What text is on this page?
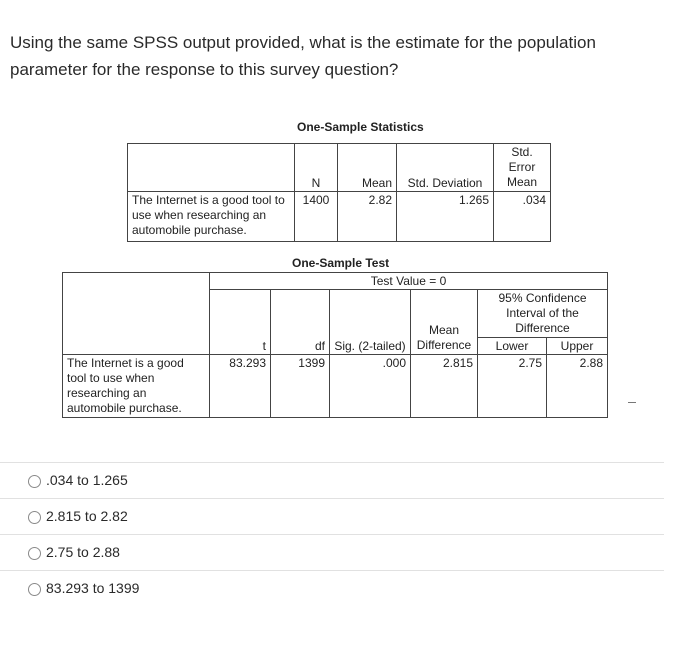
Using the same SPSS output provided, what is the estimate for the population parameter for the response to this survey question?
One-Sample Statistics
	N	Mean	Std. Deviation	Std. Error Mean
The Internet is a good tool to use when researching an automobile purchase.	1400	2.82	1.265	.034
One-Sample Test
	Test Value = 0					
	t	df	Sig. (2-tailed)	Mean Difference	95% Confidence Interval of the Difference	
					Lower	Upper
The Internet is a good tool to use when researching an automobile purchase.	83.293	1399	.000	2.815	2.75	2.88
.034 to 1.265
2.815 to 2.82
2.75 to 2.88
83.293 to 1399
